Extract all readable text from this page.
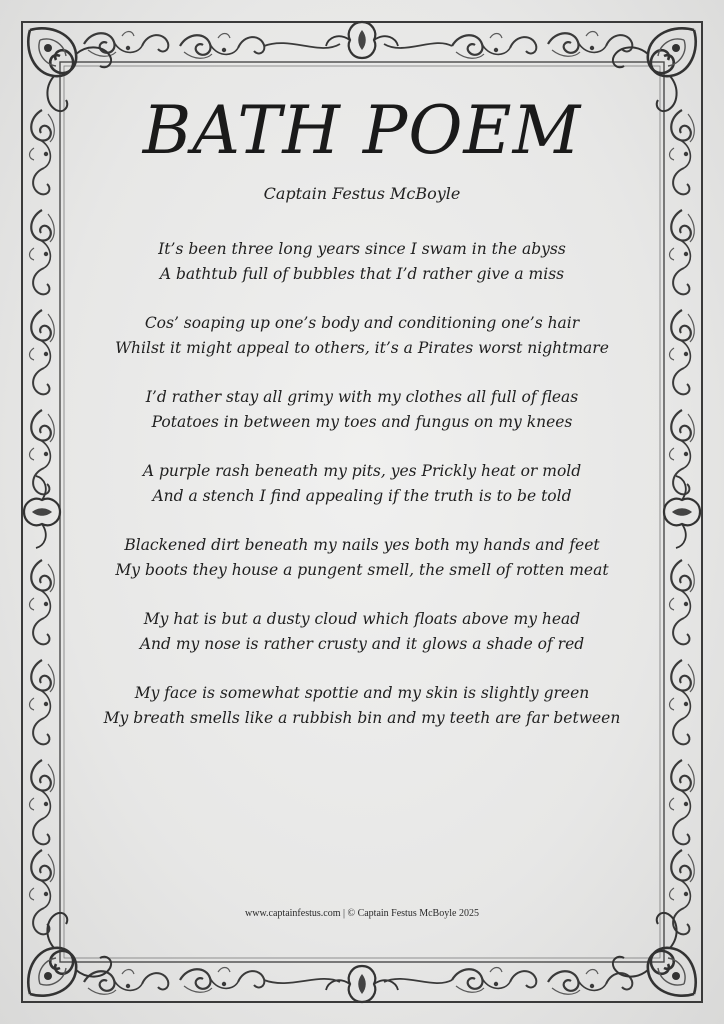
BATH POEM
Captain Festus McBoyle
It’s been three long years since I swam in the abyss
A bathtub full of bubbles that I’d rather give a miss
Cos’ soaping up one’s body and conditioning one’s hair
Whilst it might appeal to others, it’s a Pirates worst nightmare
I’d rather stay all grimy with my clothes all full of fleas
Potatoes in between my toes and fungus on my knees
A purple rash beneath my pits, yes Prickly heat or mold
And a stench I find appealing if the truth is to be told
Blackened dirt beneath my nails yes both my hands and feet
My boots they house a pungent smell, the smell of rotten meat
My hat is but a dusty cloud which floats above my head
And my nose is rather crusty and it glows a shade of red
My face is somewhat spottie and my skin is slightly green
My breath smells like a rubbish bin and my teeth are far between
www.captainfestus.com | © Captain Festus McBoyle 2025
